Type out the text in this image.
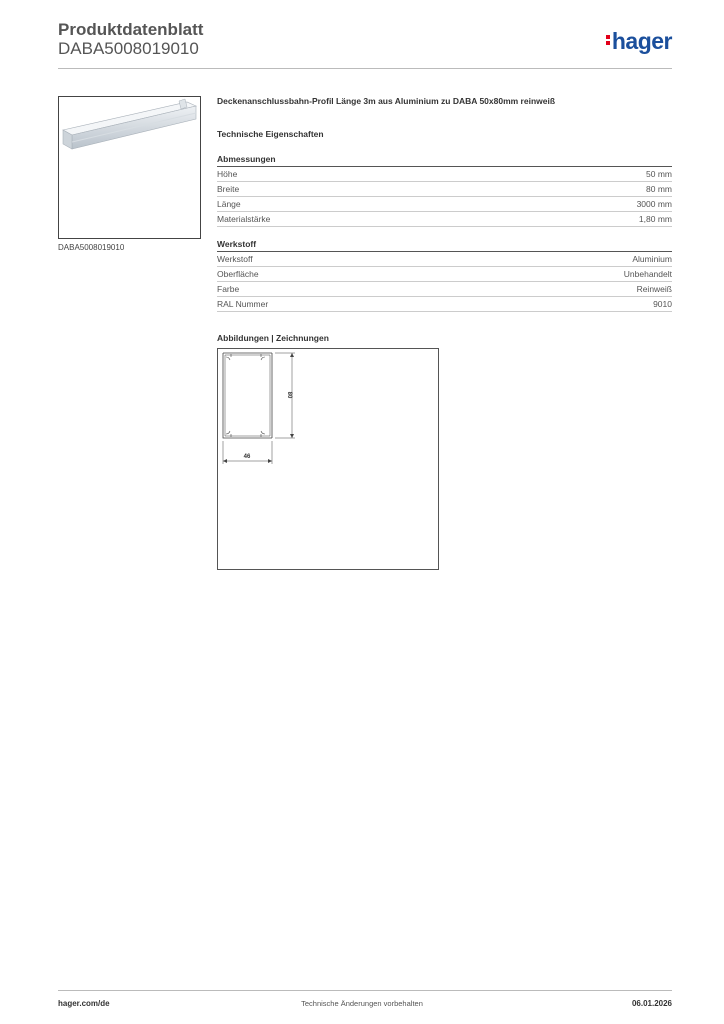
Produktdatenblatt
DABA5008019010	hager
DABA5008019010

Deckenanschlussbahn-Profil Länge 3m aus Aluminium zu DABA 50x80mm reinweiß

Technische Eigenschaften
Abmessungen
Höhe	50 mm
Breite	80 mm
Länge	3000 mm
Materialstärke	1,80 mm
Werkstoff
Werkstoff	Aluminium
Oberfläche	Unbehandelt
Farbe	Reinweiß
RAL Nummer	9010
Abbildungen | Zeichnungen
80
46
hager.com/de	Technische Änderungen vorbehalten	06.01.2026
